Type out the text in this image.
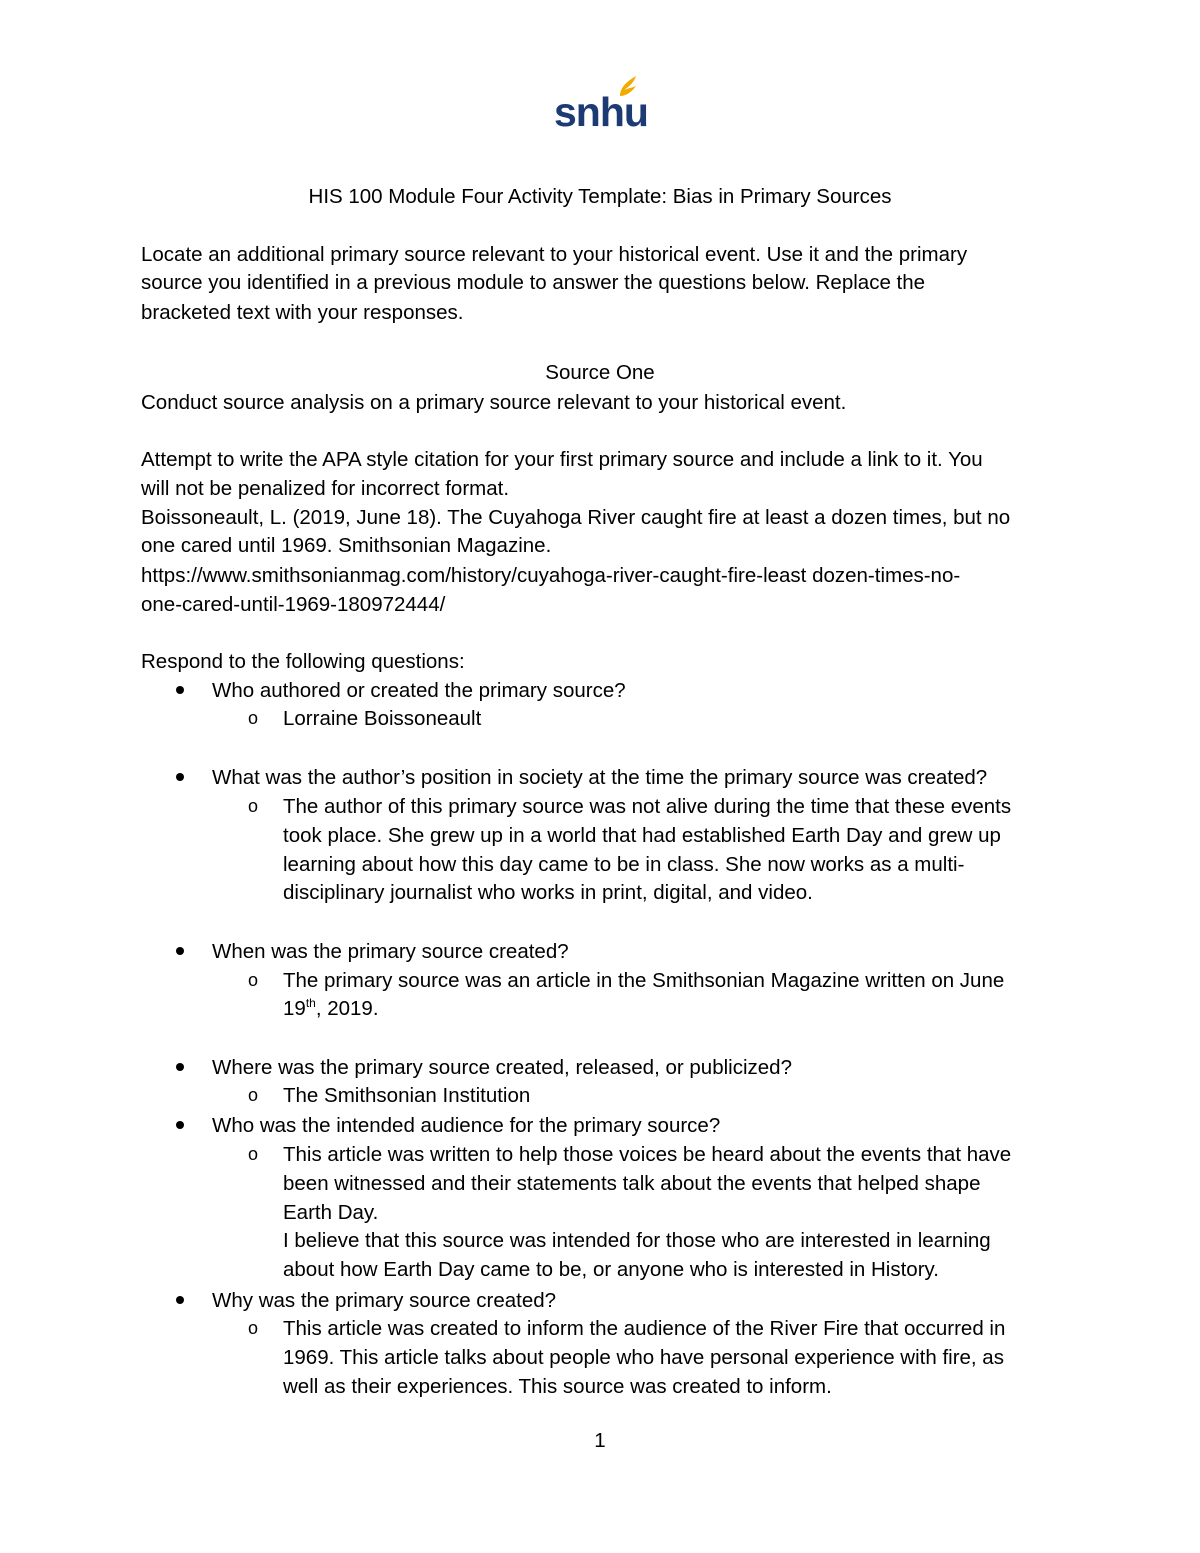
snhu
HIS 100 Module Four Activity Template: Bias in Primary Sources
Locate an additional primary source relevant to your historical event. Use it and the primary
source you identified in a previous module to answer the questions below. Replace the
bracketed text with your responses.
Source One
Conduct source analysis on a primary source relevant to your historical event.
Attempt to write the APA style citation for your first primary source and include a link to it. You
will not be penalized for incorrect format.
Boissoneault, L. (2019, June 18). The Cuyahoga River caught fire at least a dozen times, but no
one cared until 1969. Smithsonian Magazine.
https://www.smithsonianmag.com/history/cuyahoga-river-caught-fire-least dozen-times-no-
one-cared-until-1969-180972444/
Respond to the following questions:
Who authored or created the primary source?
o Lorraine Boissoneault
What was the author’s position in society at the time the primary source was created?
o The author of this primary source was not alive during the time that these events
took place. She grew up in a world that had established Earth Day and grew up
learning about how this day came to be in class. She now works as a multi-
disciplinary journalist who works in print, digital, and video.
When was the primary source created?
o The primary source was an article in the Smithsonian Magazine written on June
19th, 2019.
Where was the primary source created, released, or publicized?
o The Smithsonian Institution
Who was the intended audience for the primary source?
o This article was written to help those voices be heard about the events that have
been witnessed and their statements talk about the events that helped shape
Earth Day.
I believe that this source was intended for those who are interested in learning
about how Earth Day came to be, or anyone who is interested in History.
Why was the primary source created?
o This article was created to inform the audience of the River Fire that occurred in
1969. This article talks about people who have personal experience with fire, as
well as their experiences. This source was created to inform.
1
